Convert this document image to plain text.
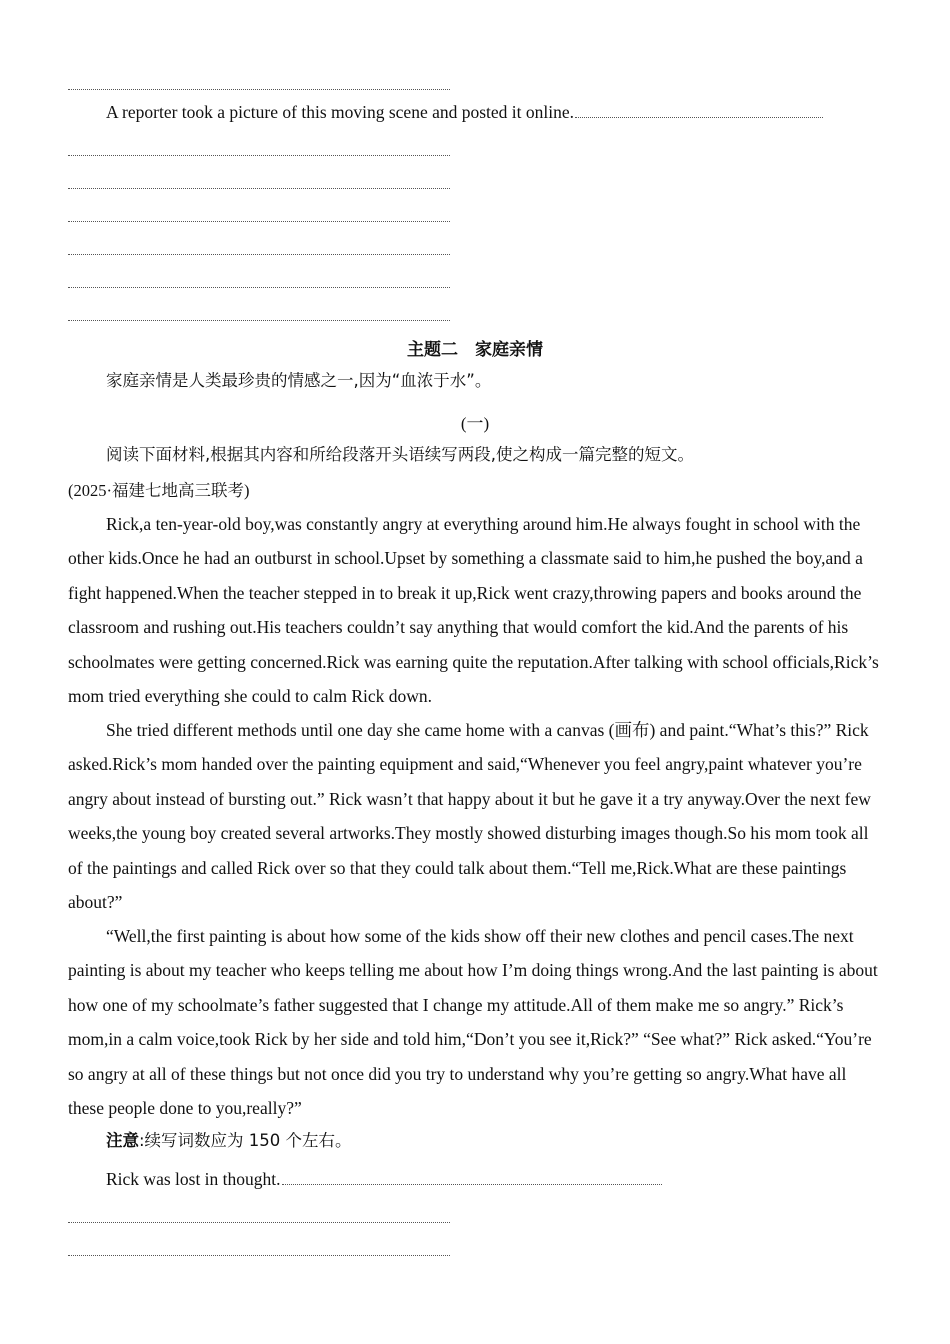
A reporter took a picture of this moving scene and posted it online.
主题二　家庭亲情
家庭亲情是人类最珍贵的情感之一,因为“血浓于水”。
(一)
阅读下面材料,根据其内容和所给段落开头语续写两段,使之构成一篇完整的短文。
(2025·福建七地高三联考)
Rick,a ten-year-old boy,was constantly angry at everything around him.He always fought in school with the other kids.Once he had an outburst in school.Upset by something a classmate said to him,he pushed the boy,and a fight happened.When the teacher stepped in to break it up,Rick went crazy,throwing papers and books around the classroom and rushing out.His teachers couldn’t say anything that would comfort the kid.And the parents of his schoolmates were getting concerned.Rick was earning quite the reputation.After talking with school officials,Rick’s mom tried everything she could to calm Rick down.
She tried different methods until one day she came home with a canvas (画布) and paint.“What’s this?” Rick asked.Rick’s mom handed over the painting equipment and said,“Whenever you feel angry,paint whatever you’re angry about instead of bursting out.” Rick wasn’t that happy about it but he gave it a try anyway.Over the next few weeks,the young boy created several artworks.They mostly showed disturbing images though.So his mom took all of the paintings and called Rick over so that they could talk about them.“Tell me,Rick.What are these paintings about?”
“Well,the first painting is about how some of the kids show off their new clothes and pencil cases.The next painting is about my teacher who keeps telling me about how I’m doing things wrong.And the last painting is about how one of my schoolmate’s father suggested that I change my attitude.All of them make me so angry.” Rick’s mom,in a calm voice,took Rick by her side and told him,“Don’t you see it,Rick?” “See what?” Rick asked.“You’re so angry at all of these things but not once did you try to understand why you’re getting so angry.What have all these people done to you,really?”
注意:续写词数应为 150 个左右。
Rick was lost in thought.
